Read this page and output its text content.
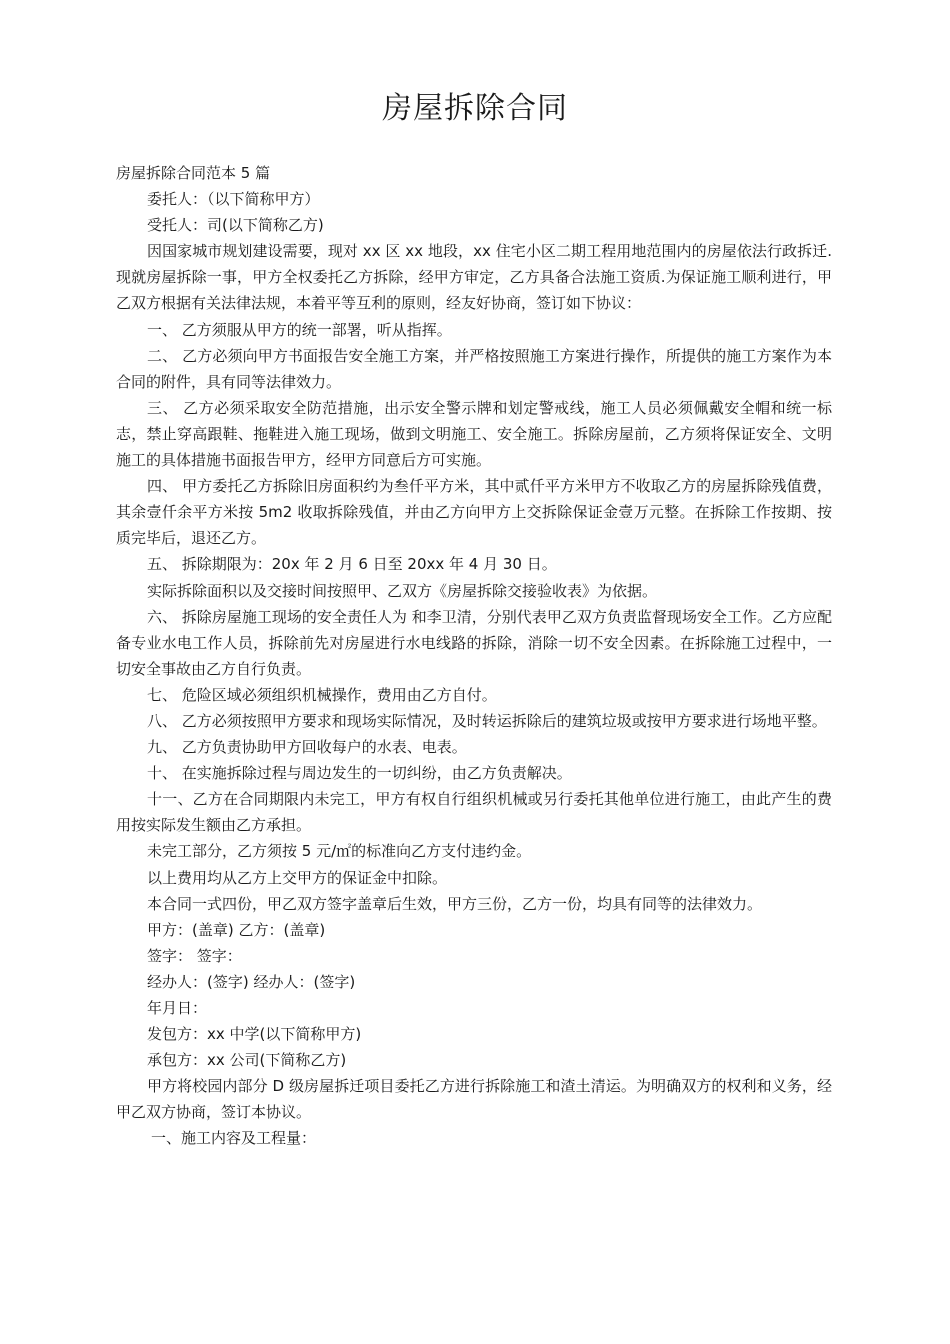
房屋拆除合同

房屋拆除合同范本 5 篇

委托人：（以下简称甲方）

受托人：司(以下简称乙方)

因国家城市规划建设需要，现对 xx 区 xx 地段，xx 住宅小区二期工程用地范围内的房屋依法行政拆迁.现就房屋拆除一事，甲方全权委托乙方拆除，经甲方审定，乙方具备合法施工资质.为保证施工顺利进行，甲乙双方根据有关法律法规，本着平等互利的原则，经友好协商，签订如下协议：

一、 乙方须服从甲方的统一部署，听从指挥。

二、 乙方必须向甲方书面报告安全施工方案，并严格按照施工方案进行操作，所提供的施工方案作为本合同的附件，具有同等法律效力。

三、 乙方必须采取安全防范措施，出示安全警示牌和划定警戒线，施工人员必须佩戴安全帽和统一标志，禁止穿高跟鞋、拖鞋进入施工现场，做到文明施工、安全施工。拆除房屋前，乙方须将保证安全、文明施工的具体措施书面报告甲方，经甲方同意后方可实施。

四、 甲方委托乙方拆除旧房面积约为叁仟平方米，其中贰仟平方米甲方不收取乙方的房屋拆除残值费，其余壹仟余平方米按 5m2 收取拆除残值，并由乙方向甲方上交拆除保证金壹万元整。在拆除工作按期、按质完毕后，退还乙方。

五、 拆除期限为：20x 年 2 月 6 日至 20xx 年 4 月 30 日。

实际拆除面积以及交接时间按照甲、乙双方《房屋拆除交接验收表》为依据。

六、 拆除房屋施工现场的安全责任人为 和李卫清，分别代表甲乙双方负责监督现场安全工作。乙方应配备专业水电工作人员，拆除前先对房屋进行水电线路的拆除，消除一切不安全因素。在拆除施工过程中，一切安全事故由乙方自行负责。

七、 危险区域必须组织机械操作，费用由乙方自付。

八、 乙方必须按照甲方要求和现场实际情况，及时转运拆除后的建筑垃圾或按甲方要求进行场地平整。

九、 乙方负责协助甲方回收每户的水表、电表。

十、 在实施拆除过程与周边发生的一切纠纷，由乙方负责解决。

十一、乙方在合同期限内未完工，甲方有权自行组织机械或另行委托其他单位进行施工，由此产生的费用按实际发生额由乙方承担。

未完工部分，乙方须按 5 元/㎡的标准向乙方支付违约金。

以上费用均从乙方上交甲方的保证金中扣除。

本合同一式四份，甲乙双方签字盖章后生效，甲方三份，乙方一份，均具有同等的法律效力。

甲方：(盖章) 乙方：(盖章)

签字： 签字：

经办人：(签字) 经办人：(签字)

年月日：

发包方：xx 中学(以下简称甲方)

承包方：xx 公司(下简称乙方)

甲方将校园内部分 D 级房屋拆迁项目委托乙方进行拆除施工和渣土清运。为明确双方的权利和义务，经甲乙双方协商，签订本协议。

一、施工内容及工程量：
